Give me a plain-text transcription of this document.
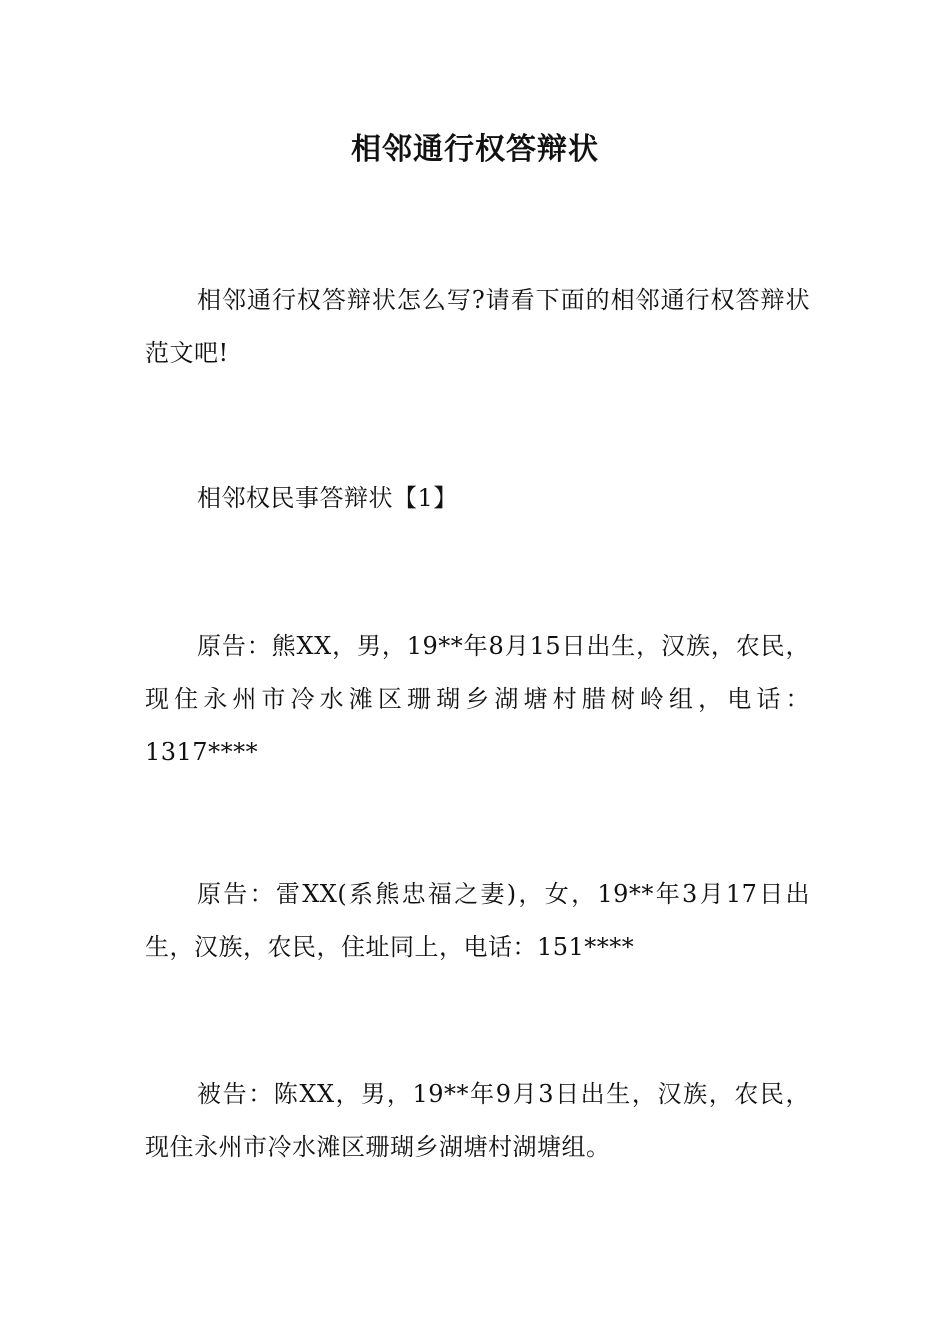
相邻通行权答辩状

相邻通行权答辩状怎么写?请看下面的相邻通行权答辩状范文吧!

相邻权民事答辩状【1】

原告：熊XX，男，19**年8月15日出生，汉族，农民，现住永州市冷水滩区珊瑚乡湖塘村腊树岭组，电话：1317****

原告：雷XX(系熊忠福之妻)，女，19**年3月17日出生，汉族，农民，住址同上，电话：151****

被告：陈XX，男，19**年9月3日出生，汉族，农民，现住永州市冷水滩区珊瑚乡湖塘村湖塘组。
